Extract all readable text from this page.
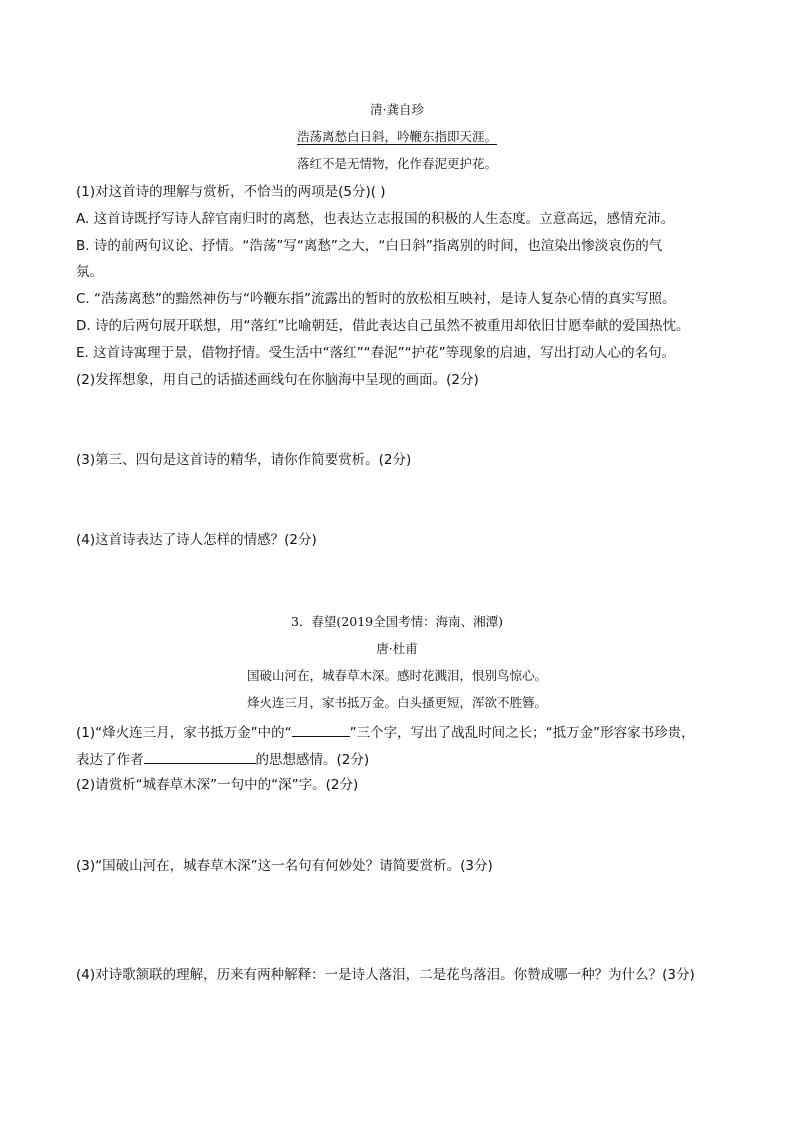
清·龚自珍
浩荡离愁白日斜，吟鞭东指即天涯。
落红不是无情物，化作春泥更护花。
(1)对这首诗的理解与赏析，不恰当的两项是(5分)( )
A. 这首诗既抒写诗人辞官南归时的离愁，也表达立志报国的积极的人生态度。立意高远，感情充沛。
B. 诗的前两句议论、抒情。“浩荡”写“离愁”之大，“白日斜”指离别的时间，也渲染出惨淡哀伤的气
氛。
C. “浩荡离愁”的黯然神伤与“吟鞭东指”流露出的暂时的放松相互映衬，是诗人复杂心情的真实写照。
D. 诗的后两句展开联想，用“落红”比喻朝廷，借此表达自己虽然不被重用却依旧甘愿奉献的爱国热忱。
E. 这首诗寓理于景，借物抒情。受生活中“落红”“春泥”“护花”等现象的启迪，写出打动人心的名句。
(2)发挥想象，用自己的话描述画线句在你脑海中呈现的画面。(2分)
(3)第三、四句是这首诗的精华，请你作简要赏析。(2分)
(4)这首诗表达了诗人怎样的情感？(2分)
3．春望(2019全国考情：海南、湘潭)
唐·杜甫
国破山河在，城春草木深。感时花溅泪，恨别鸟惊心。
烽火连三月，家书抵万金。白头搔更短，浑欲不胜簪。
(1)“烽火连三月，家书抵万金”中的“	”三个字，写出了战乱时间之长；“抵万金”形容家书珍贵，
表达了作者	的思想感情。(2分)
(2)请赏析“城春草木深”一句中的“深”字。(2分)
(3)“国破山河在，城春草木深”这一名句有何妙处？请简要赏析。(3分)
(4)对诗歌颔联的理解，历来有两种解释：一是诗人落泪，二是花鸟落泪。你赞成哪一种？为什么？(3分)
